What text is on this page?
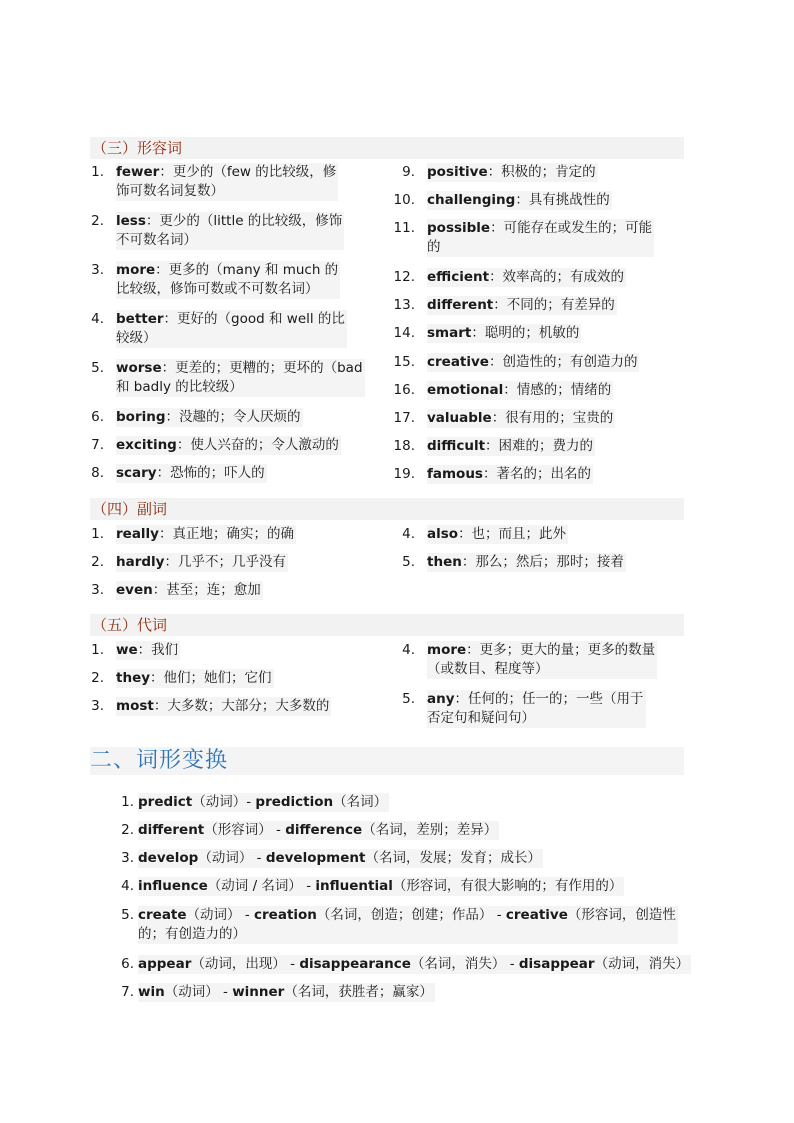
（三）形容词
1. fewer：更少的（few 的比较级，修
饰可数名词复数）
2. less：更少的（little 的比较级，修饰
不可数名词）
3. more：更多的（many 和 much 的
比较级，修饰可数或不可数名词）
4. better：更好的（good 和 well 的比
较级）
5. worse：更差的；更糟的；更坏的（bad
和 badly 的比较级）
6. boring：没趣的；令人厌烦的
7. exciting：使人兴奋的；令人激动的
8. scary：恐怖的；吓人的
9. positive：积极的；肯定的
10. challenging：具有挑战性的
11. possible：可能存在或发生的；可能
的
12. efficient：效率高的；有成效的
13. different：不同的；有差异的
14. smart：聪明的；机敏的
15. creative：创造性的；有创造力的
16. emotional：情感的；情绪的
17. valuable：很有用的；宝贵的
18. difficult：困难的；费力的
19. famous：著名的；出名的
（四）副词
1. really：真正地；确实；的确
2. hardly：几乎不；几乎没有
3. even：甚至；连；愈加
4. also：也；而且；此外
5. then：那么；然后；那时；接着
（五）代词
1. we：我们
2. they：他们；她们；它们
3. most：大多数；大部分；大多数的
4. more：更多；更大的量；更多的数量
（或数目、程度等）
5. any：任何的；任一的；一些（用于
否定句和疑问句）
二、词形变换
1. predict（动词）- prediction（名词）
2. different（形容词） - difference（名词，差别；差异）
3. develop（动词） - development（名词，发展；发育；成长）
4. influence（动词 / 名词） - influential（形容词，有很大影响的；有作用的）
5. create（动词） - creation（名词，创造；创建；作品） - creative（形容词，创造性
的；有创造力的）
6. appear（动词，出现） - disappearance（名词，消失） - disappear（动词，消失）
7. win（动词） - winner（名词，获胜者；赢家）
